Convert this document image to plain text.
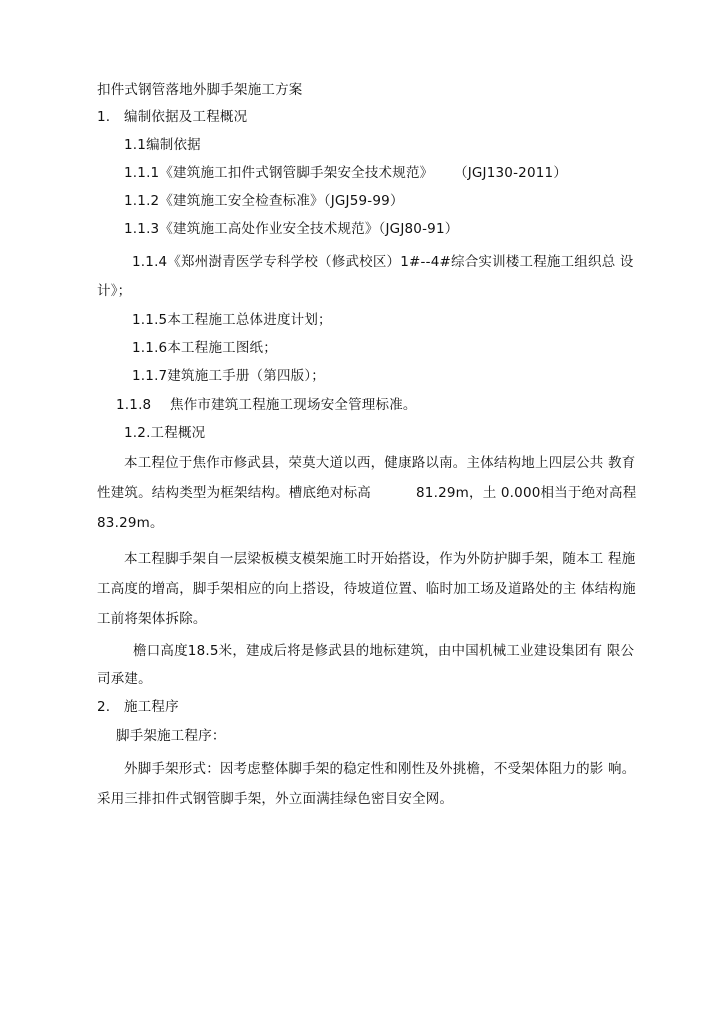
扣件式钢管落地外脚手架施工方案
1. 编制依据及工程概况
1.1编制依据
1.1.1《建筑施工扣件式钢管脚手架安全技术规范》 （JGJ130-2011）
1.1.2《建筑施工安全检查标准》（JGJ59-99）
1.1.3《建筑施工高处作业安全技术规范》（JGJ80-91）
1.1.4《郑州澍青医学专科学校（修武校区）1#--4#综合实训楼工程施工组织总 设
计》；
1.1.5本工程施工总体进度计划；
1.1.6本工程施工图纸；
1.1.7建筑施工手册（第四版）；
1.1.8 焦作市建筑工程施工现场安全管理标准。
1.2.工程概况
本工程位于焦作市修武县，荣莫大道以西，健康路以南。主体结构地上四层公共 教育
性建筑。结构类型为框架结构。槽底绝对标高	81.29m，土 0.000相当于绝对高程
83.29m。
本工程脚手架自一层梁板模支模架施工时开始搭设，作为外防护脚手架，随本工 程施
工高度的增高，脚手架相应的向上搭设，待坡道位置、临时加工场及道路处的主 体结构施
工前将架体拆除。
檐口高度18.5米，建成后将是修武县的地标建筑，由中国机械工业建设集团有 限公
司承建。
2. 施工程序
脚手架施工程序：
外脚手架形式：因考虑整体脚手架的稳定性和刚性及外挑檐，不受架体阻力的影 响。
采用三排扣件式钢管脚手架，外立面满挂绿色密目安全网。
